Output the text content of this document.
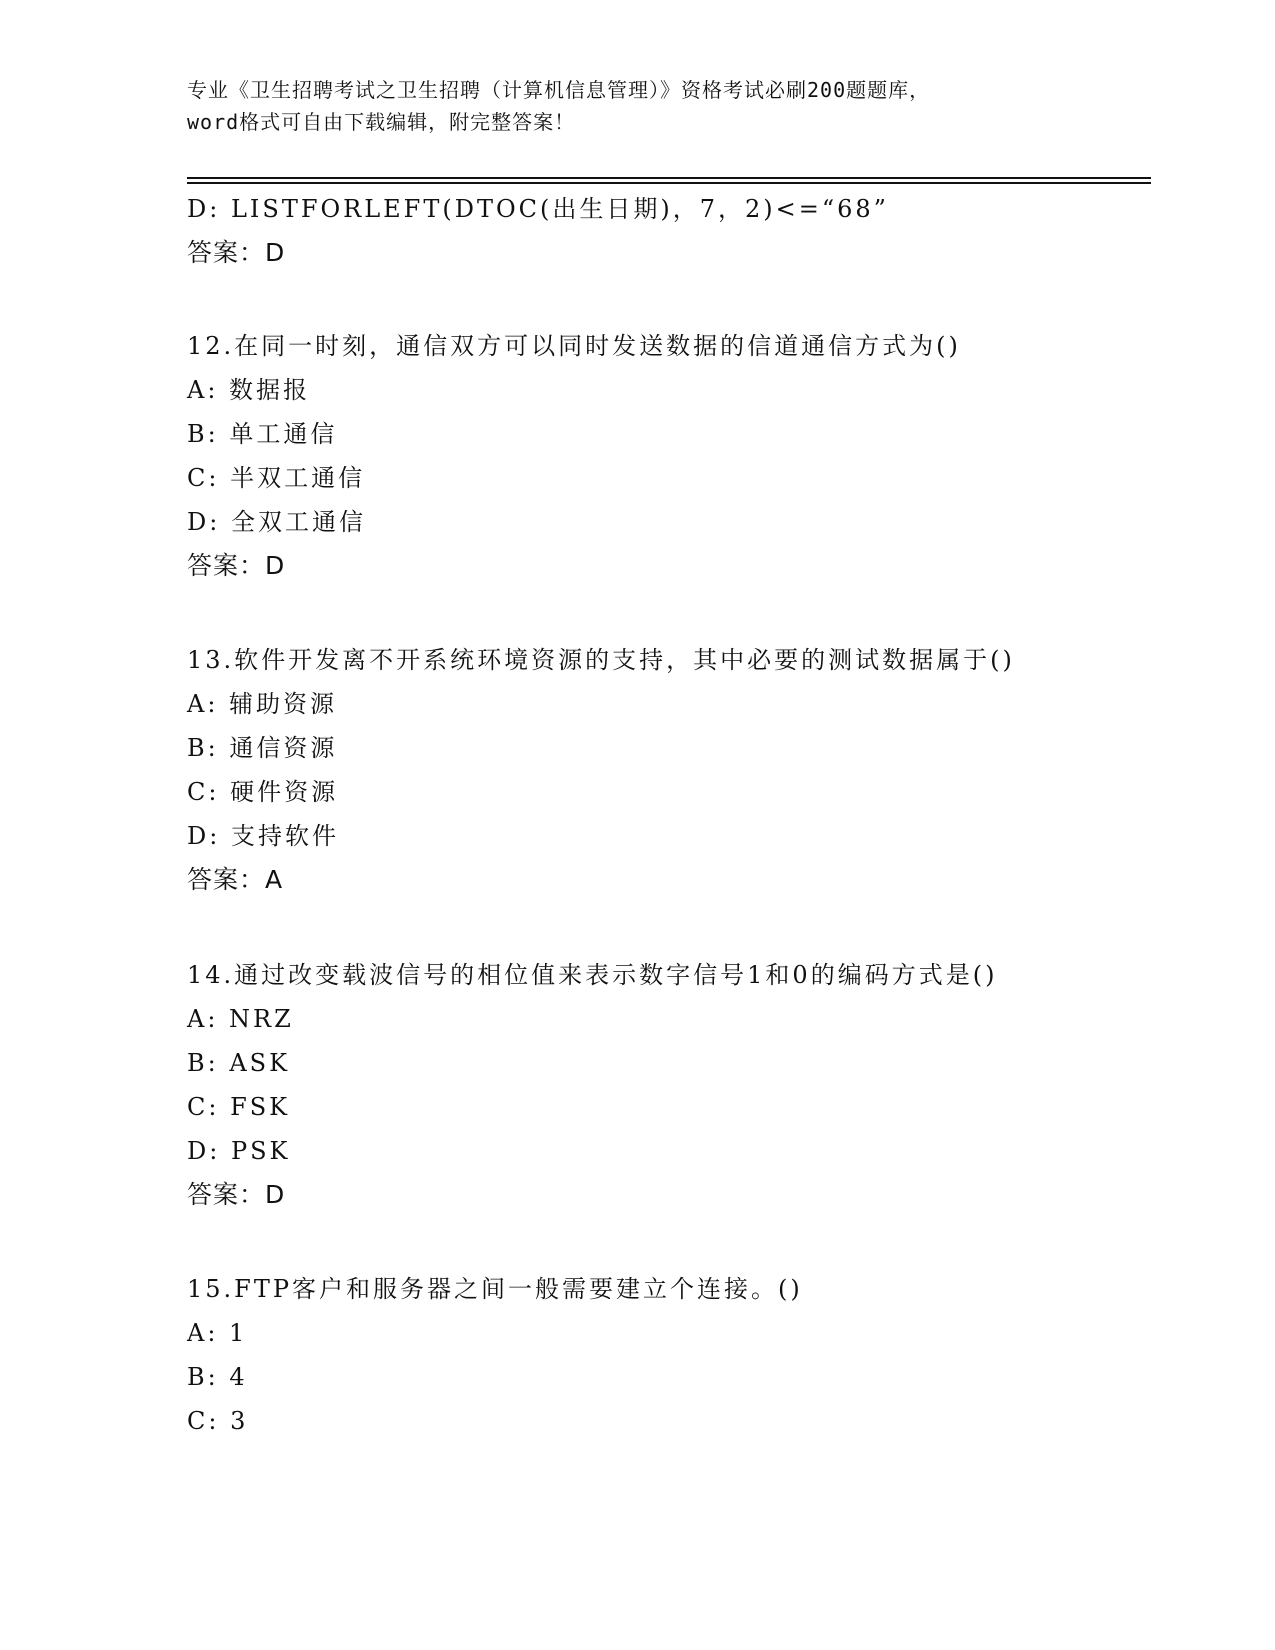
专业《卫生招聘考试之卫生招聘（计算机信息管理）》资格考试必刷200题题库，
word格式可自由下载编辑，附完整答案！
D: LISTFORLEFT(DTOC(出生日期)，7，2)<=“68”
答案：D
12.在同一时刻，通信双方可以同时发送数据的信道通信方式为()
A: 数据报
B: 单工通信
C: 半双工通信
D: 全双工通信
答案：D
13.软件开发离不开系统环境资源的支持，其中必要的测试数据属于()
A: 辅助资源
B: 通信资源
C: 硬件资源
D: 支持软件
答案：A
14.通过改变载波信号的相位值来表示数字信号1和0的编码方式是()
A: NRZ
B: ASK
C: FSK
D: PSK
答案：D
15.FTP客户和服务器之间一般需要建立个连接。()
A: 1
B: 4
C: 3
